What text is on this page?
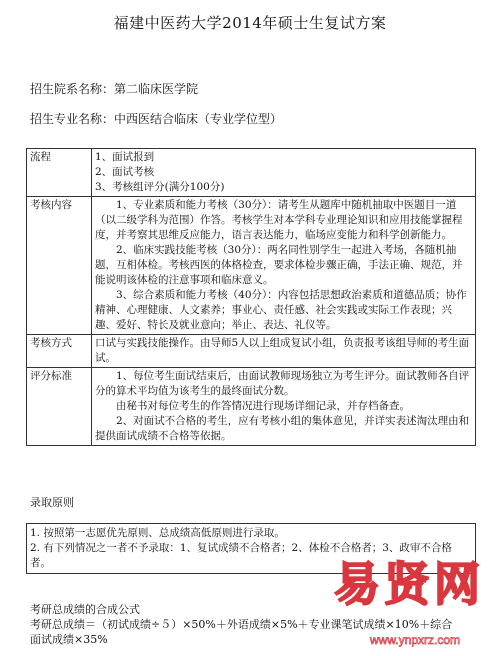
福建中医药大学2014年硕士生复试方案
招生院系名称：第二临床医学院
招生专业名称：中西医结合临床（专业学位型）
流程	1、面试报到
2、面试考核
3、考核组评分(满分100分)

考核内容	1、专业素质和能力考核（30分）：请考生从题库中随机抽取中医题目一道（以二级学科为范围）作答。考核学生对本学科专业理论知识和应用技能掌握程度，并考察其思维反应能力，语言表达能力，临场应变能力和科学创新能力。
2、临床实践技能考核（30分）：两名同性别学生一起进入考场，各随机抽题，互相体检。考核西医的体格检查，要求体检步骤正确，手法正确、规范，并能说明该体检的注意事项和临床意义。
3、综合素质和能力考核（40分）：内容包括思想政治素质和道德品质；协作精神、心理健康、人文素养；事业心、责任感、社会实践或实际工作表现；兴趣、爱好、特长及就业意向；举止、表达、礼仪等。

考核方式	口试与实践技能操作。由导师5人以上组成复试小组，负责报考该组导师的考生面试。
评分标准	1、每位考生面试结束后，由面试教师现场独立为考生评分。面试教师各自评分的算术平均值为该考生的最终面试分数。
由秘书对每位考生的作答情况进行现场详细记录，并存档备查。
2、对面试不合格的考生，应有考核小组的集体意见，并详实表述淘汰理由和提供面试成绩不合格等依据。
录取原则
1. 按照第一志愿优先原则、总成绩高低原则进行录取。
2. 有下列情况之一者不予录取：1、复试成绩不合格者；2、体检不合格者；3、政审不合格者。
考研总成绩的合成公式
考研总成绩＝（初试成绩÷５）×50%＋外语成绩×5%＋专业课笔试成绩×10%＋综合
面试成绩×35%
易贤网
www.ynpxrz.com
